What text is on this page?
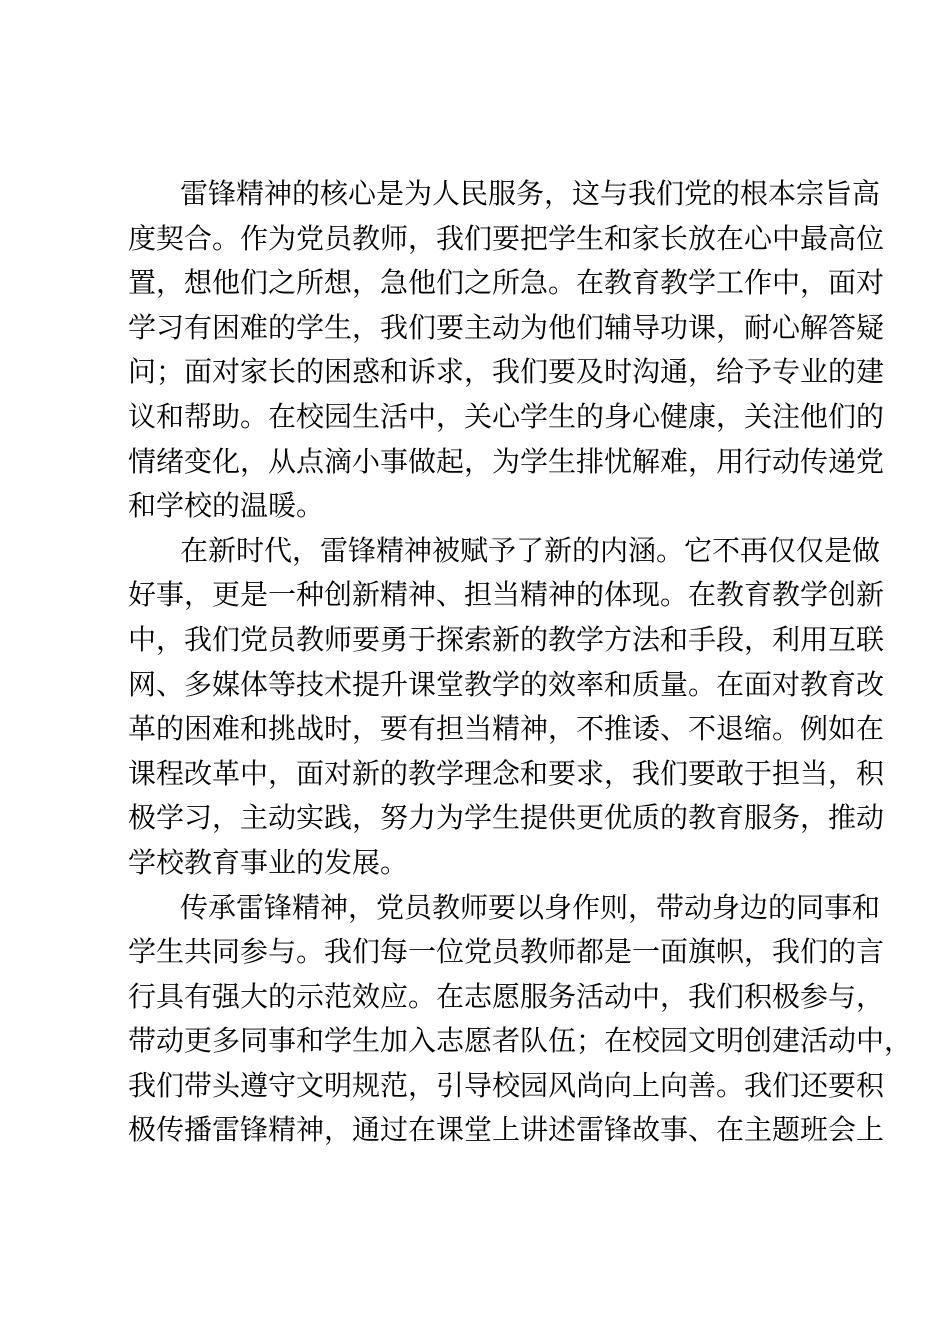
雷锋精神的核心是为人民服务，这与我们党的根本宗旨高
度契合。作为党员教师，我们要把学生和家长放在心中最高位
置，想他们之所想，急他们之所急。在教育教学工作中，面对
学习有困难的学生，我们要主动为他们辅导功课，耐心解答疑
问；面对家长的困惑和诉求，我们要及时沟通，给予专业的建
议和帮助。在校园生活中，关心学生的身心健康，关注他们的
情绪变化，从点滴小事做起，为学生排忧解难，用行动传递党
和学校的温暖。
在新时代，雷锋精神被赋予了新的内涵。它不再仅仅是做
好事，更是一种创新精神、担当精神的体现。在教育教学创新
中，我们党员教师要勇于探索新的教学方法和手段，利用互联
网、多媒体等技术提升课堂教学的效率和质量。在面对教育改
革的困难和挑战时，要有担当精神，不推诿、不退缩。例如在
课程改革中，面对新的教学理念和要求，我们要敢于担当，积
极学习，主动实践，努力为学生提供更优质的教育服务，推动
学校教育事业的发展。
传承雷锋精神，党员教师要以身作则，带动身边的同事和
学生共同参与。我们每一位党员教师都是一面旗帜，我们的言
行具有强大的示范效应。在志愿服务活动中，我们积极参与，
带动更多同事和学生加入志愿者队伍；在校园文明创建活动中，
我们带头遵守文明规范，引导校园风尚向上向善。我们还要积
极传播雷锋精神，通过在课堂上讲述雷锋故事、在主题班会上
